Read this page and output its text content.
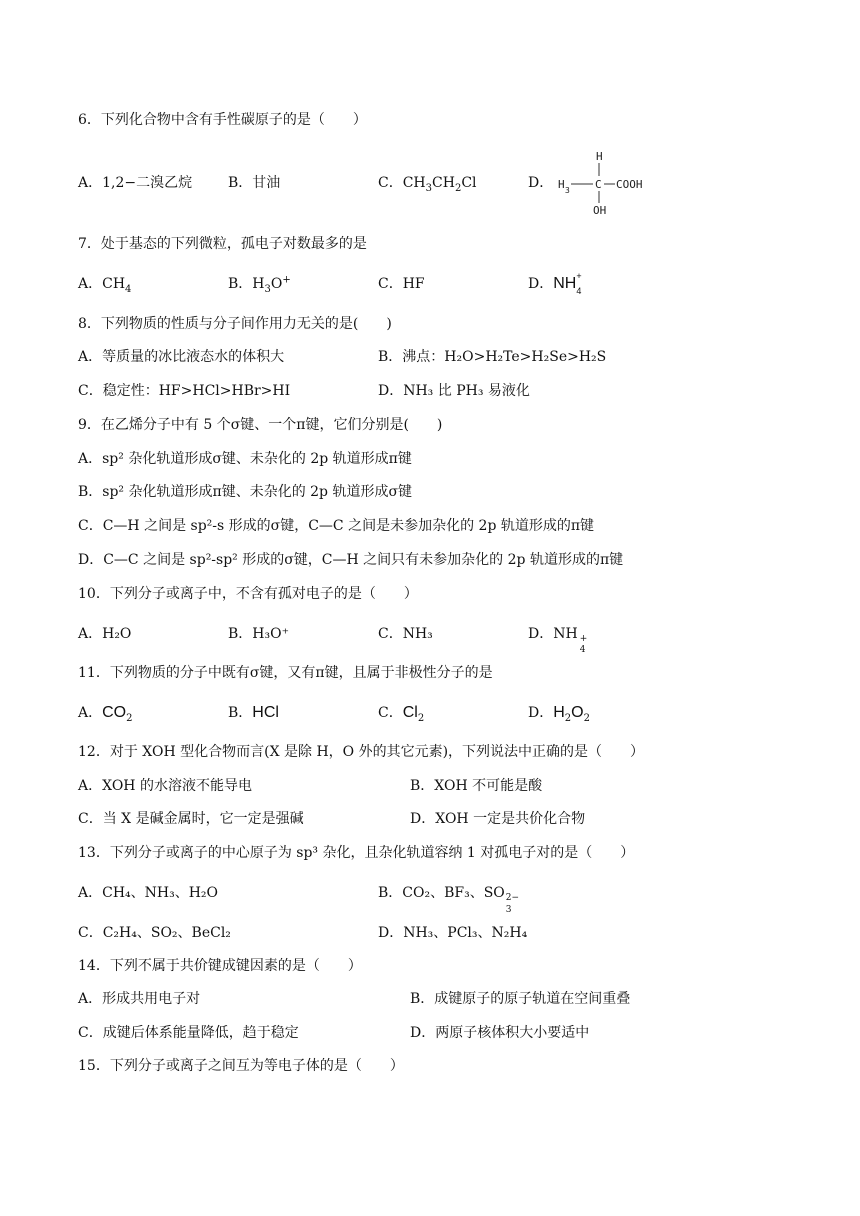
6．下列化合物中含有手性碳原子的是（　　）
A．1,2−二溴乙烷	B．甘油	C．$CH_3CH_2Cl$	D．
H
H 3 C COOH
OH
7．处于基态的下列微粒，孤电子对数最多的是
A．$CH_4$	B．$H_3O^+$	C．HF	D．NH +
4
8．下列物质的性质与分子间作用力无关的是(　　)
A．等质量的冰比液态水的体积大	B．沸点：H₂O>H₂Te>H₂Se>H₂S
C．稳定性：HF>HCl>HBr>HI	D．NH₃ 比 PH₃ 易液化
9．在乙烯分子中有 5 个σ键、一个π键，它们分别是(　　)
A．sp² 杂化轨道形成σ键、未杂化的 2p 轨道形成π键
B．sp² 杂化轨道形成π键、未杂化的 2p 轨道形成σ键
C．C—H 之间是 sp²-s 形成的σ键，C—C 之间是未参加杂化的 2p 轨道形成的π键
D．C—C 之间是 sp²-sp² 形成的σ键，C—H 之间只有未参加杂化的 2p 轨道形成的π键
10．下列分子或离子中，不含有孤对电子的是（　　）
A．H₂O	B．H₃O⁺	C．NH₃	D．NH +
4
11．下列物质的分子中既有σ键，又有π键，且属于非极性分子的是
A．$CO_2$	B．HCl	C．$Cl_2$	D．$H_2O_2$
12．对于 XOH 型化合物而言(X 是除 H，O 外的其它元素)，下列说法中正确的是（　　）
A．XOH 的水溶液不能导电	B．XOH 不可能是酸
C．当 X 是碱金属时，它一定是强碱	D．XOH 一定是共价化合物
13．下列分子或离子的中心原子为 sp³ 杂化，且杂化轨道容纳 1 对孤电子对的是（　　）
A．CH₄、NH₃、H₂O	B．CO₂、BF₃、SO 2−
3
C．C₂H₄、SO₂、BeCl₂	D．NH₃、PCl₃、N₂H₄
14．下列不属于共价键成键因素的是（　　）
A．形成共用电子对	B．成键原子的原子轨道在空间重叠
C．成键后体系能量降低，趋于稳定	D．两原子核体积大小要适中
15．下列分子或离子之间互为等电子体的是（　　）
